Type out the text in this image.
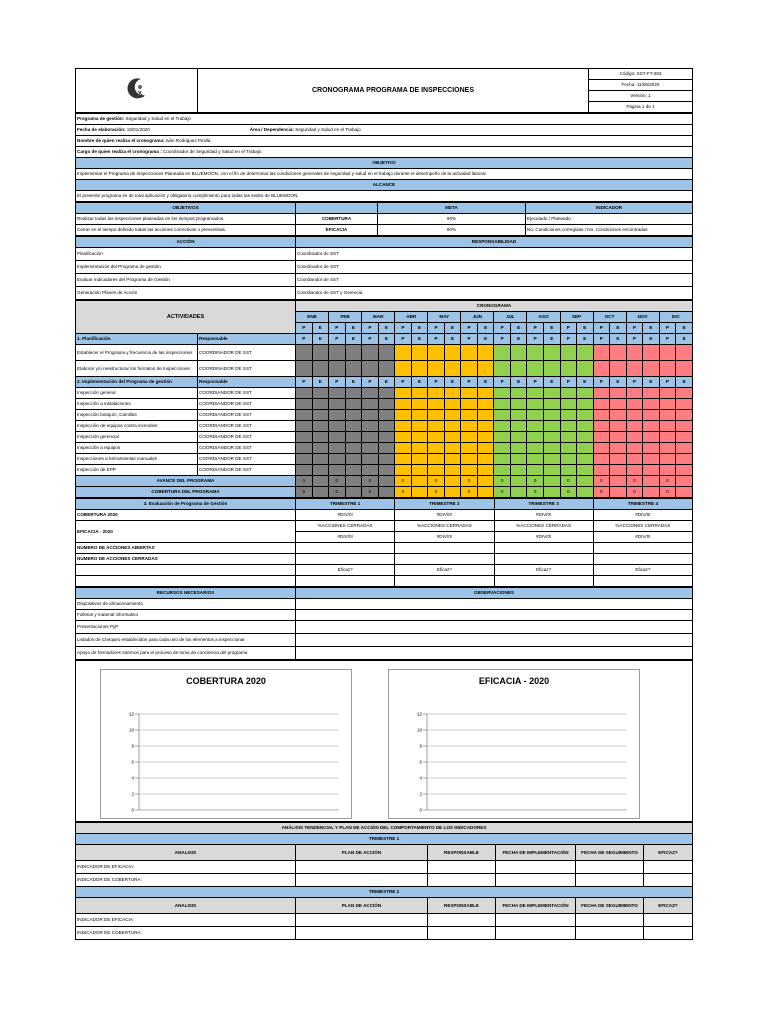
	CRONOGRAMA PROGRAMA DE INSPECCIONES	Código: SST-FT-053
Fecha: 11/06/2020
Versión: 1
Página 1 de 1
Programa de gestión: Seguridad y Salud en el Trabajo
Fecha de elaboración: 15/01/2020	Área / Dependencia: Seguridad y Salud en el Trabajo
Nombre de quien realiza el cronograma: Iván Rodriguez Pinilla
Cargo de quien realiza el cronograma : Coordinador de Seguridad y Salud en el Trabajo
OBJETIVO
Implementar el Programa de Inspecciones Planeada en BLUEMOON, con el fin de determinar las condiciones generales de seguridad y salud en el trabajo durante el desempeño de la actividad laboral.
ALCANCE
El presente programa es de total aplicación y obligatorio cumplimiento para todas las sedes de BLUEMOON.
OBJETIVOS		META	INDICADOR
Realizar todas las inspecciones planeadas en los tiempos programados.	COBERTURA	90%	Ejecutado / Planeado
Cerrar en el tiempo definido todas las acciones correctivas o preventivas.	EFICACIA	90%	No. Condiciones corregidas / No. Condiciones encontradas
ACCIÓN	RESPONSABILIDAD
Planificación	Coordinador de SST
Implementación del Programa de gestión	Coordinador de SST
Evaluar Indicadores del Programa de Gestión	Coordiandor de SST
Generación Planes de Acción	Coordiandor de SST y Gerencia
ACTIVIDADES		CRONOGRAMA																							
		ENE		FEB		MAR		ABR		MAY		JUN		JUL		AGO		SEP		OCT		NOV		DIC	
		P	E	P	E	P	E	P	E	P	E	P	E	P	E	P	E	P	E	P	E	P	E	P	E
1. Planificación	Responsable	P	E	P	E	P	E	P	E	P	E	P	E	P	E	P	E	P	E	P	E	P	E	P	E
Establecer el Programa y frecuencia de las inspecciones	COORDINADOR DE SST																								
Elaborar y/o reestructurar los formatos de Inspecciones	COORDINADOR DE SST																								
2. Implementación del Programa de gestión	Responsable	P	E	P	E	P	E	P	E	P	E	P	E	P	E	P	E	P	E	P	E	P	E	P	E
Inspección general	COORDIANDOR DE SST																								
Inspección a instalaciones	COORDIANDOR DE SST																								
Inspección botiquín, Camillas	COORDIANDOR DE SST																								
Inspección de equipos contra incendios	COORDIANDOR DE SST																								
Inspección gerencial	COORDIANDOR DE SST																								
Inspección a equipos	COORDIANDOR DE SST																								
Inspecciones a herramientas manuales	COORDIANDOR DE SST																								
Inspección de EPP	COORDIANDOR DE SST																								
AVANCE DEL PROGRAMA		0		0		0		0		0		0		0		0		0		0		0		0	
COBERTURA DEL PROGRAMA		0		0		0		0		0		0		0		0		0		0		0		0	
3. Evaluación de Programa de Gestión	TRIMESTRE 1	TRIMESTRE 2	TRIMESTRE 3	TRIMESTRE 4
COBERTURA 2020	#DIV/0!	#DIV/0!	#DIV/0!	#DIV/0!
EFICACIA - 2020	%ACCIONES CERRADAS	%ACCIONES CERRADAS	%ACCIONES CERRADAS	%ACCIONES CERRADAS
	#DIV/0!	#DIV/0!	#DIV/0!	#DIV/0!
NUMERO DE ACCIONES ABIERTAS				
NUMERO DE ACCIONES CERRADAS				
	Eficaz?	Eficaz?	Eficaz?	Eficaz?

RECURSOS NECESARIOS	OBSERVACIONES
Dispositivos de almacenamiento	
Folletos y material informativo	
Presentaciones PyP	
Listados de Chequeo establecidos para cada uno de los elementos a inspeccionar	
Apoyo de formadores Internos para el proceso de toma de conciencia del programa	
COBERTURA 2020
0
2
4
6
8
10
12
EFICACIA - 2020
0
2
4
6
8
10
12
ANÁLISIS TENDENCIAL Y PLAN DE ACCIÓN DEL COMPORTAMIENTO DE LOS INDICADORES					
TRIMESTRE 1					
ANALISIS	PLAN DE ACCIÓN	RESPONSABLE	FECHA DE IMPLEMENTACIÓN	FECHA DE SEGUIMIENTO	EFICAZ?
INDICADOR DE EFICACIA:					
INDICADOR DE COBERTURA:					
TRIMESTRE 2					
ANALISIS	PLAN DE ACCIÓN	RESPONSABLE	FECHA DE IMPLEMENTACIÓN	FECHA DE SEGUIMIENTO	EFICAZ?
INDICADOR DE EFICACIA:					
INDICADOR DE COBERTURA:					
